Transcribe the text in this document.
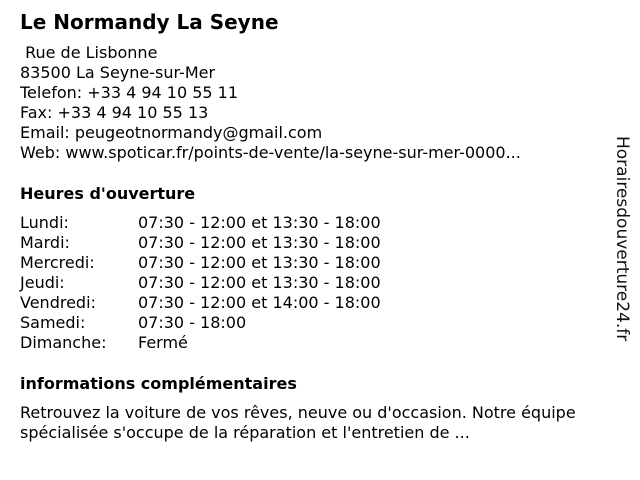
Le Normandy La Seyne
Rue de Lisbonne
83500 La Seyne-sur-Mer
Telefon: +33 4 94 10 55 11
Fax: +33 4 94 10 55 13
Email: peugeotnormandy@gmail.com
Web: www.spoticar.fr/points-de-vente/la-seyne-sur-mer-0000...
Heures d'ouverture
Lundi:	07:30 - 12:00 et 13:30 - 18:00
Mardi:	07:30 - 12:00 et 13:30 - 18:00
Mercredi:	07:30 - 12:00 et 13:30 - 18:00
Jeudi:	07:30 - 12:00 et 13:30 - 18:00
Vendredi:	07:30 - 12:00 et 14:00 - 18:00
Samedi:	07:30 - 18:00
Dimanche:	Fermé
informations complémentaires
Retrouvez la voiture de vos rêves, neuve ou d'occasion. Notre équipe spécialisée s'occupe de la réparation et l'entretien de ...
Horairesdouverture24.fr
